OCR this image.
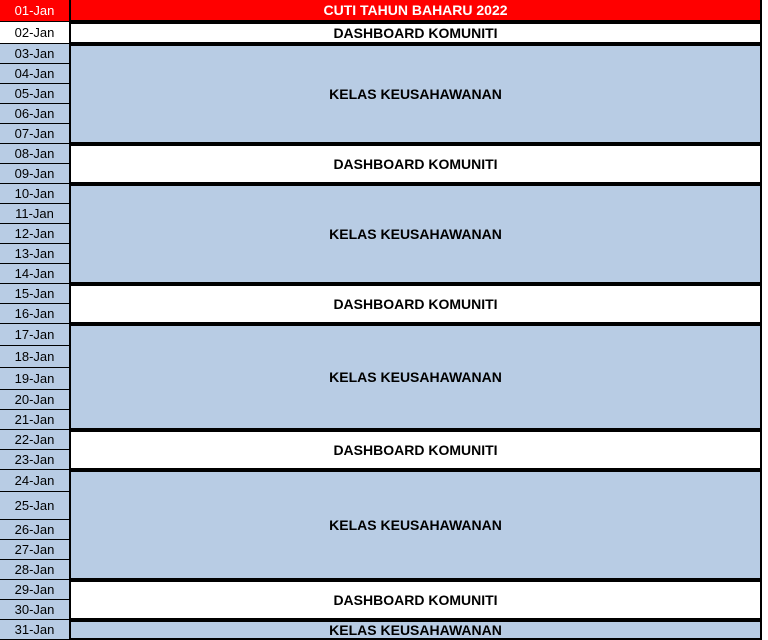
01-Jan
02-Jan
03-Jan
04-Jan
05-Jan
06-Jan
07-Jan
08-Jan
09-Jan
10-Jan
11-Jan
12-Jan
13-Jan
14-Jan
15-Jan
16-Jan
17-Jan
18-Jan
19-Jan
20-Jan
21-Jan
22-Jan
23-Jan
24-Jan
25-Jan
26-Jan
27-Jan
28-Jan
29-Jan
30-Jan
31-Jan
CUTI TAHUN BAHARU 2022
DASHBOARD KOMUNITI
KELAS KEUSAHAWANAN
DASHBOARD KOMUNITI
KELAS KEUSAHAWANAN
DASHBOARD KOMUNITI
KELAS KEUSAHAWANAN
DASHBOARD KOMUNITI
KELAS KEUSAHAWANAN
DASHBOARD KOMUNITI
KELAS KEUSAHAWANAN
